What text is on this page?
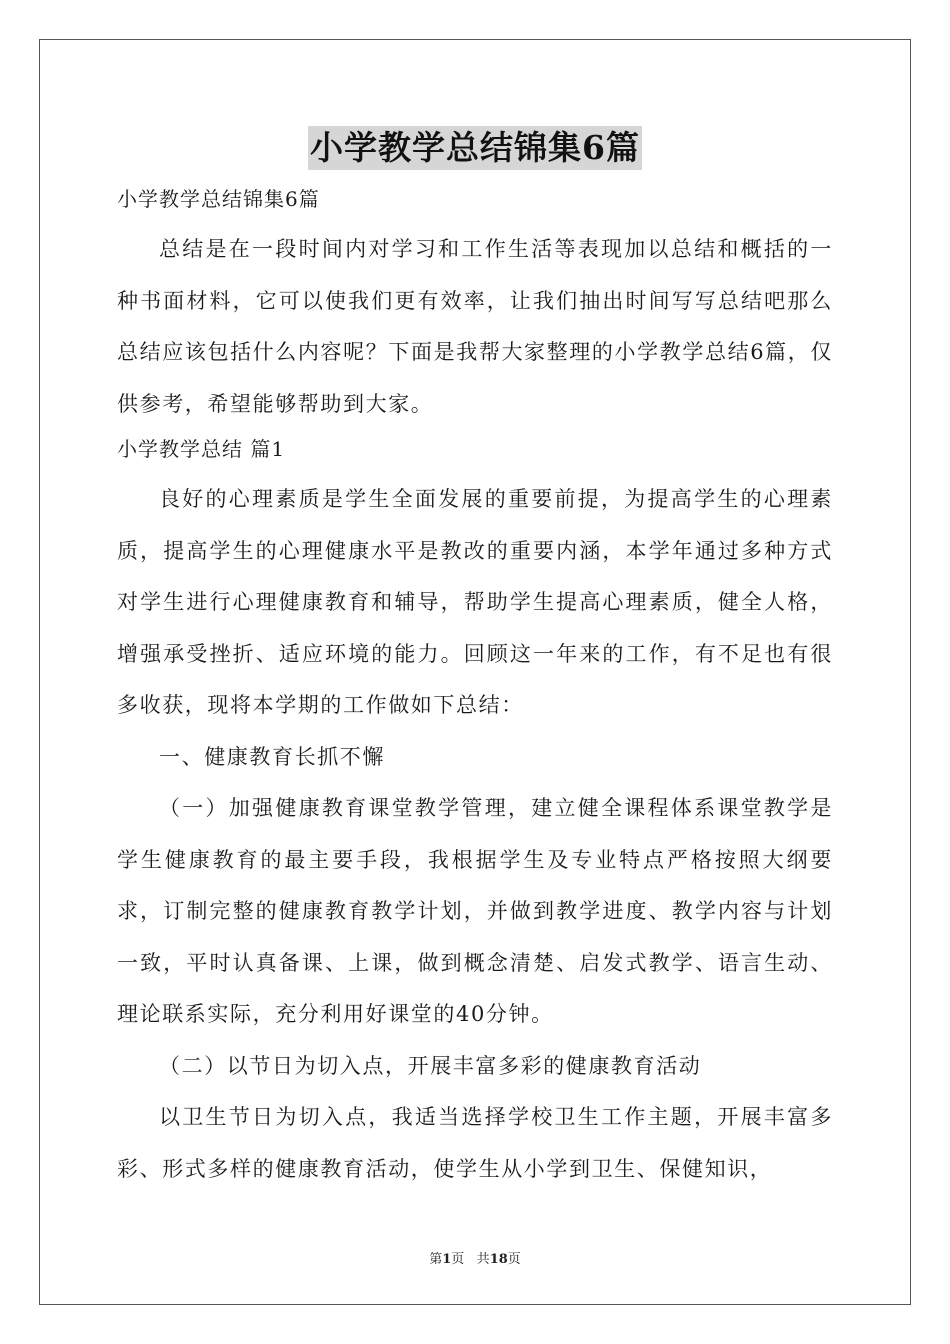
小学教学总结锦集6篇

小学教学总结锦集6篇

总结是在一段时间内对学习和工作生活等表现加以总结和概括的一种书面材料，它可以使我们更有效率，让我们抽出时间写写总结吧那么总结应该包括什么内容呢？下面是我帮大家整理的小学教学总结6篇，仅供参考，希望能够帮助到大家。

小学教学总结 篇1

良好的心理素质是学生全面发展的重要前提，为提高学生的心理素质，提高学生的心理健康水平是教改的重要内涵，本学年通过多种方式对学生进行心理健康教育和辅导，帮助学生提高心理素质，健全人格，增强承受挫折、适应环境的能力。回顾这一年来的工作，有不足也有很多收获，现将本学期的工作做如下总结：

一、健康教育长抓不懈

（一）加强健康教育课堂教学管理，建立健全课程体系课堂教学是学生健康教育的最主要手段，我根据学生及专业特点严格按照大纲要求，订制完整的健康教育教学计划，并做到教学进度、教学内容与计划一致，平时认真备课、上课，做到概念清楚、启发式教学、语言生动、理论联系实际，充分利用好课堂的40分钟。

（二）以节日为切入点，开展丰富多彩的健康教育活动

以卫生节日为切入点，我适当选择学校卫生工作主题，开展丰富多彩、形式多样的健康教育活动，使学生从小学到卫生、保健知识，

第1页 共18页
